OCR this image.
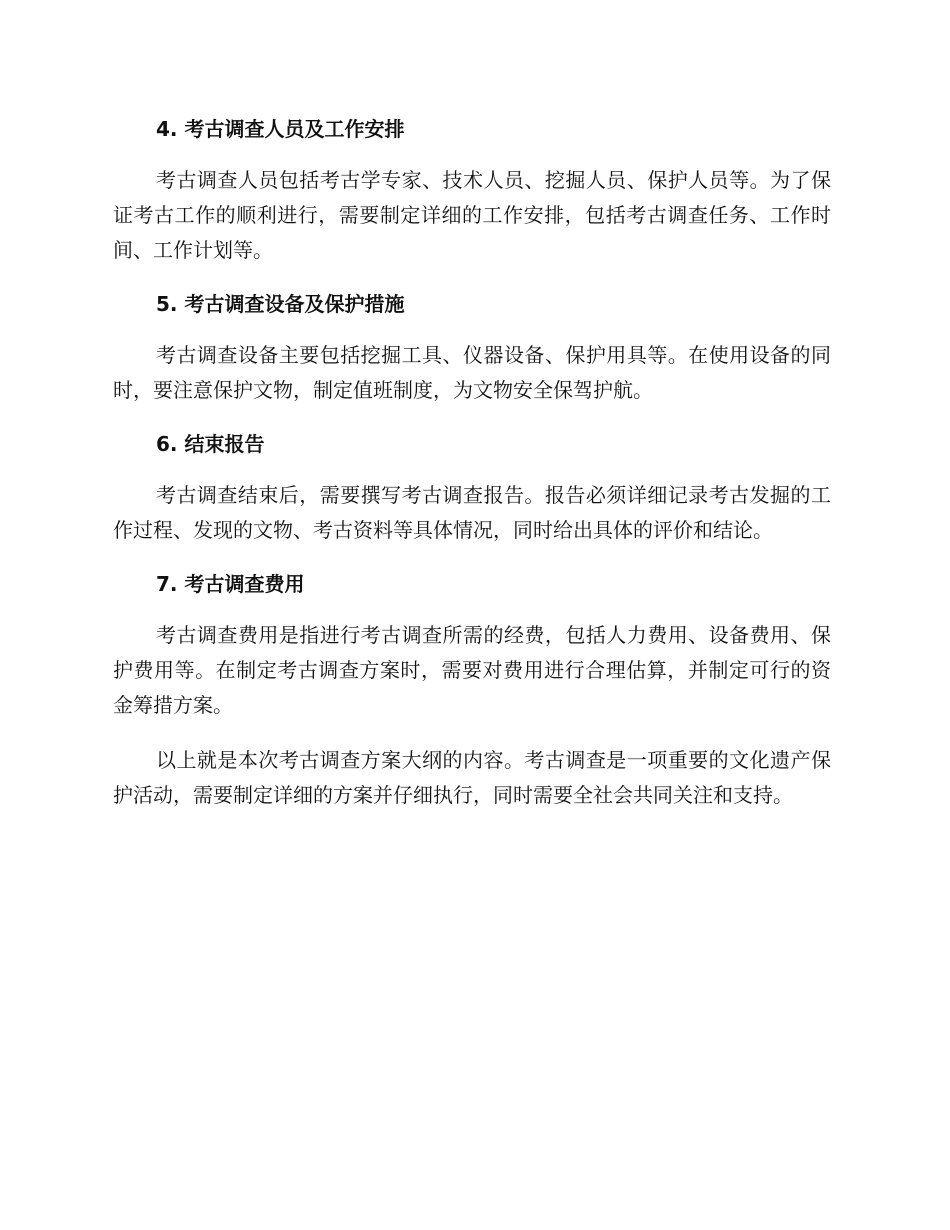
4. 考古调查人员及工作安排

考古调查人员包括考古学专家、技术人员、挖掘人员、保护人员等。为了保证考古工作的顺利进行，需要制定详细的工作安排，包括考古调查任务、工作时间、工作计划等。

5. 考古调查设备及保护措施

考古调查设备主要包括挖掘工具、仪器设备、保护用具等。在使用设备的同时，要注意保护文物，制定值班制度，为文物安全保驾护航。

6. 结束报告

考古调查结束后，需要撰写考古调查报告。报告必须详细记录考古发掘的工作过程、发现的文物、考古资料等具体情况，同时给出具体的评价和结论。

7. 考古调查费用

考古调查费用是指进行考古调查所需的经费，包括人力费用、设备费用、保护费用等。在制定考古调查方案时，需要对费用进行合理估算，并制定可行的资金筹措方案。

以上就是本次考古调查方案大纲的内容。考古调查是一项重要的文化遗产保护活动，需要制定详细的方案并仔细执行，同时需要全社会共同关注和支持。
